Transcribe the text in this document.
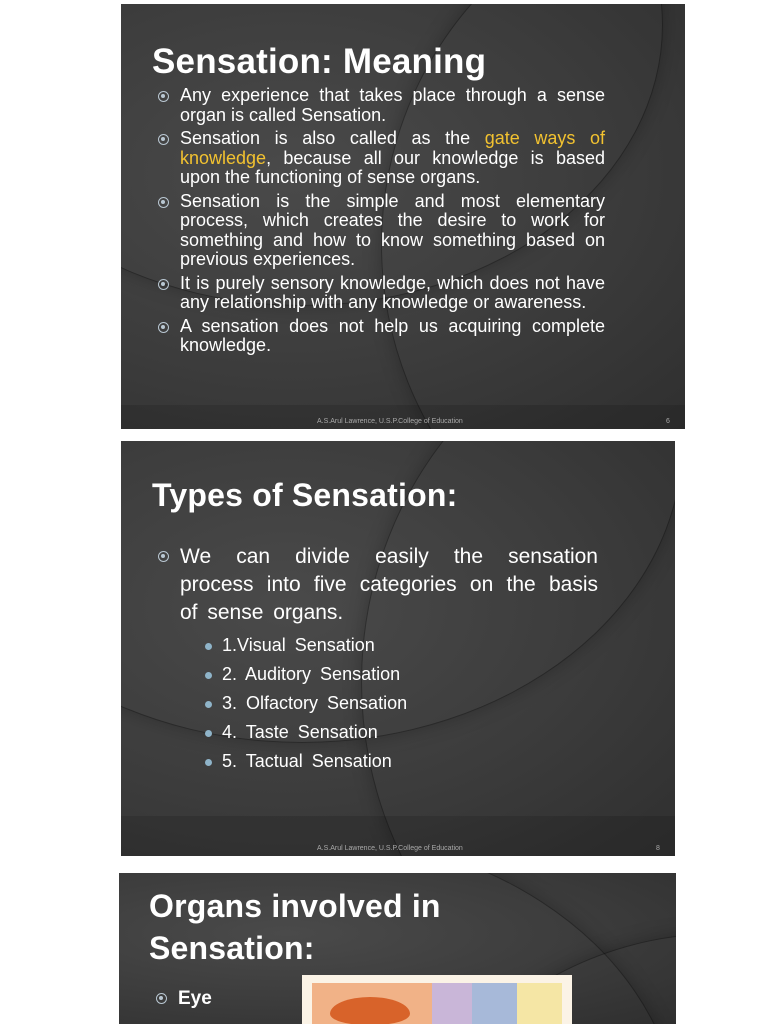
Sensation: Meaning
Any experience that takes place through a sense organ is called Sensation.
Sensation is also called as the gate ways of knowledge, because all our knowledge is based upon the functioning of sense organs.
Sensation is the simple and most elementary process, which creates the desire to work for something and how to know something based on previous experiences.
It is purely sensory knowledge, which does not have any relationship with any knowledge or awareness.
A sensation does not help us acquiring complete knowledge.
A.S.Arul Lawrence, U.S.P.College of Education	6
Types of Sensation:
We can divide easily the sensation process into five categories on the basis of sense organs.
1.Visual Sensation
2. Auditory Sensation
3. Olfactory Sensation
4. Taste Sensation
5. Tactual Sensation
A.S.Arul Lawrence, U.S.P.College of Education	8
Organs involved in
Sensation:
Eye
